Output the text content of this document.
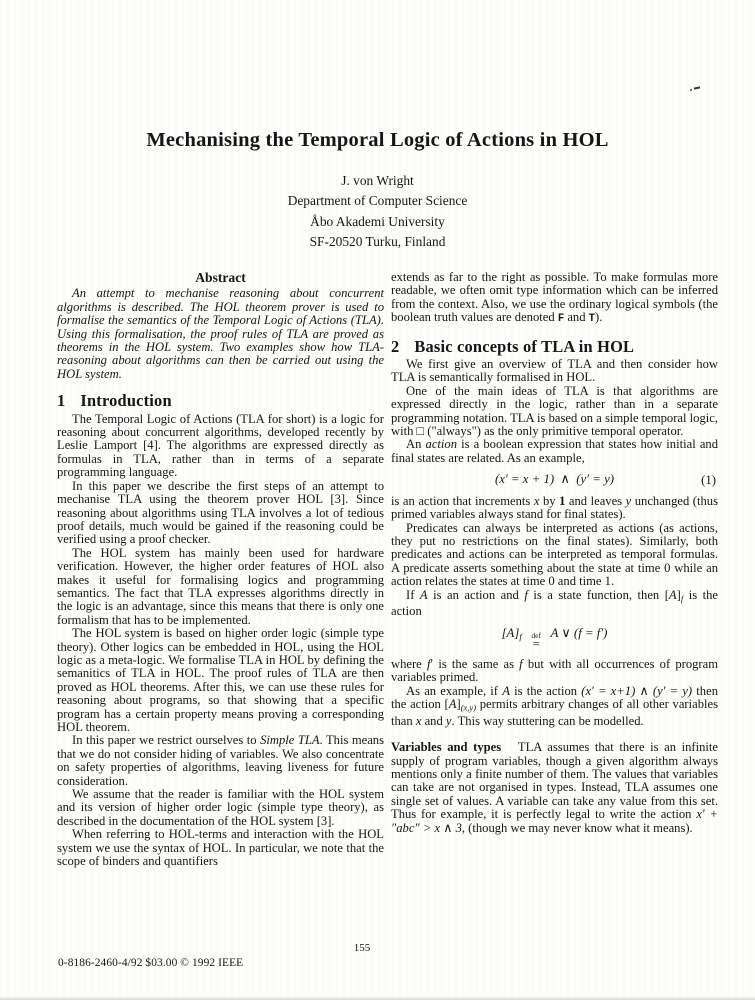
Mechanising the Temporal Logic of Actions in HOL
J. von Wright
Department of Computer Science
Åbo Akademi University
SF-20520 Turku, Finland
Abstract

An attempt to mechanise reasoning about concurrent algorithms is described. The HOL theorem prover is used to formalise the semantics of the Temporal Logic of Actions (TLA). Using this formalisation, the proof rules of TLA are proved as theorems in the HOL system. Two examples show how TLA-reasoning about algorithms can then be carried out using the HOL system.

1 Introduction

The Temporal Logic of Actions (TLA for short) is a logic for reasoning about concurrent algorithms, developed recently by Leslie Lamport [4]. The algorithms are expressed directly as formulas in TLA, rather than in terms of a separate programming language.

In this paper we describe the first steps of an attempt to mechanise TLA using the theorem prover HOL [3]. Since reasoning about algorithms using TLA involves a lot of tedious proof details, much would be gained if the reasoning could be verified using a proof checker.

The HOL system has mainly been used for hardware verification. However, the higher order features of HOL also makes it useful for formalising logics and programming semantics. The fact that TLA expresses algorithms directly in the logic is an advantage, since this means that there is only one formalism that has to be implemented.

The HOL system is based on higher order logic (simple type theory). Other logics can be embedded in HOL, using the HOL logic as a meta-logic. We formalise TLA in HOL by defining the semanitics of TLA in HOL. The proof rules of TLA are then proved as HOL theorems. After this, we can use these rules for reasoning about programs, so that showing that a specific program has a certain property means proving a corresponding HOL theorem.

In this paper we restrict ourselves to Simple TLA. This means that we do not consider hiding of variables. We also concentrate on safety properties of algorithms, leaving liveness for future consideration.

We assume that the reader is familiar with the HOL system and its version of higher order logic (simple type theory), as described in the documentation of the HOL system [3].

When referring to HOL-terms and interaction with the HOL system we use the syntax of HOL. In particular, we note that the scope of binders and quantifiers

extends as far to the right as possible. To make formulas more readable, we often omit type information which can be inferred from the context. Also, we use the ordinary logical symbols (the boolean truth values are denoted F and T).

2 Basic concepts of TLA in HOL

We first give an overview of TLA and then consider how TLA is semantically formalised in HOL.

One of the main ideas of TLA is that algorithms are expressed directly in the logic, rather than in a separate programming notation. TLA is based on a simple temporal logic, with □ ("always") as the only primitive temporal operator.

An action is a boolean expression that states how initial and final states are related. As an example,

(x′ = x + 1)  ∧  (y′ = y)	(1)

is an action that increments x by 1 and leaves y unchanged (thus primed variables always stand for final states).

Predicates can always be interpreted as actions (as actions, they put no restrictions on the final states). Similarly, both predicates and actions can be interpreted as temporal formulas. A predicate asserts something about the state at time 0 while an action relates the states at time 0 and time 1.

If A is an action and f is a state function, then [A]f is the action

[A]f def
=
A ∨ (f = f′)

where f′ is the same as f but with all occurrences of program variables primed.

As an example, if A is the action (x′ = x+1) ∧ (y′ = y) then the action [A](x,y) permits arbitrary changes of all other variables than x and y. This way stuttering can be modelled.

Variables and types   TLA assumes that there is an infinite supply of program variables, though a given algorithm always mentions only a finite number of them. The values that variables can take are not organised in types. Instead, TLA assumes one single set of values. A variable can take any value from this set. Thus for example, it is perfectly legal to write the action x′ + ″abc″ > x ∧ 3, (though we may never know what it means).

155
0-8186-2460-4/92 $03.00 © 1992 IEEE
